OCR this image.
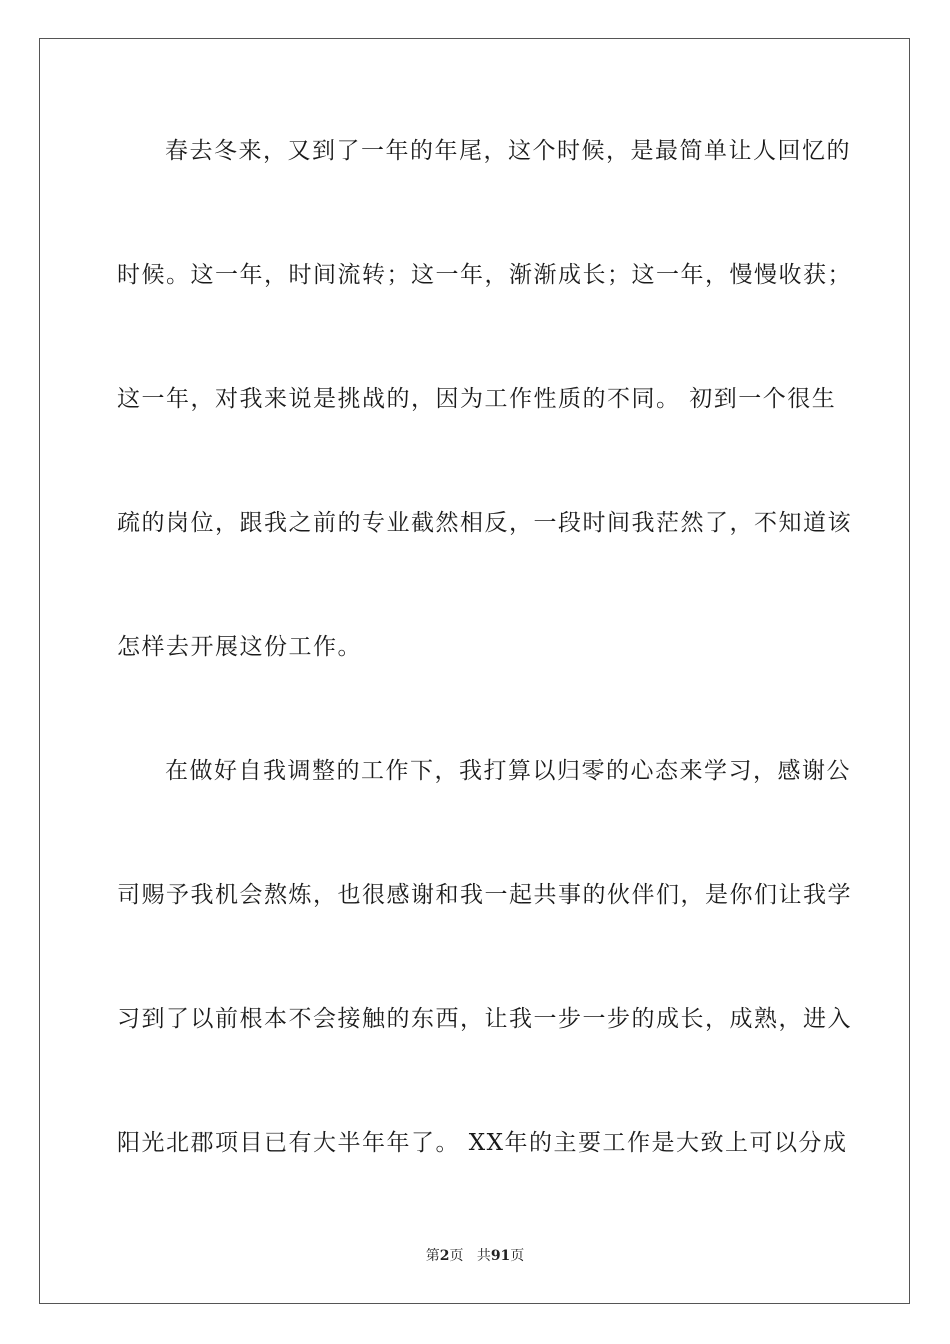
春去冬来，又到了一年的年尾，这个时候，是最简单让人回忆的
时候。这一年，时间流转；这一年，渐渐成长；这一年，慢慢收获；
这一年，对我来说是挑战的，因为工作性质的不同。 初到一个很生
疏的岗位，跟我之前的专业截然相反，一段时间我茫然了，不知道该
怎样去开展这份工作。
在做好自我调整的工作下，我打算以归零的心态来学习，感谢公
司赐予我机会熬炼，也很感谢和我一起共事的伙伴们，是你们让我学
习到了以前根本不会接触的东西，让我一步一步的成长，成熟，进入
阳光北郡项目已有大半年年了。 XX年的主要工作是大致上可以分成
第2页 共91页
